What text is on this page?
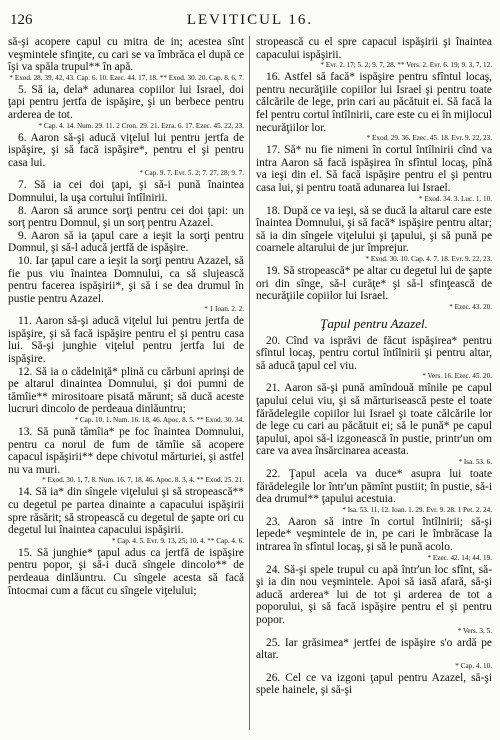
126	LEVITICUL 16.
să-şi acopere capul cu mitra de in; acestea sînt veşmintele sfinţite, cu cari se va îmbrăca el după ce îşi va spăla trupul** în apă.
* Exod. 28. 39, 42, 43. Cap. 6. 10. Ezec. 44. 17, 18. ** Exod. 30. 20. Cap. 8. 6, 7.
5. Să ia, dela* adunarea copiilor lui Israel, doi ţapi pentru jertfa de ispăşire, şi un berbece pentru arderea de tot.
* Cap. 4. 14. Num. 29. 11. 2 Cron. 29. 21. Ezra. 6. 17. Ezec. 45. 22, 23.
6. Aaron să-şi aducă viţelul lui pentru jertfa de ispăşire, şi să facă ispăşire*, pentru el şi pentru casa lui.
* Cap. 9. 7. Evr. 5. 2; 7. 27, 28; 9. 7.
7. Să ia cei doi ţapi, şi să-i pună înaintea Domnului, la uşa cortului întîlnirii.
8. Aaron să arunce sorţi pentru cei doi ţapi: un sorţ pentru Domnul, şi un sorţ pentru Azazel.
9. Aaron să ia ţapul care a ieşit la sorţi pentru Domnul, şi să-l aducă jertfă de ispăşire.
10. Iar ţapul care a ieşit la sorţi pentru Azazel, să fie pus viu înaintea Domnului, ca să slujească pentru facerea ispăşirii*, şi să i se dea drumul în pustie pentru Azazel.
* 1 Ioan. 2. 2.
11. Aaron să-şi aducă viţelul lui pentru jertfa de ispăşire, şi să facă ispăşire pentru el şi pentru casa lui. Să-şi junghie viţelul pentru jertfa lui de ispăşire.
12. Să ia o cădelniţă* plină cu cărbuni aprinşi de pe altarul dinaintea Domnului, şi doi pumni de tămîie** mirositoare pisată mărunt; să ducă aceste lucruri dincolo de perdeaua dinlăuntru;
* Cap. 10. 1. Num. 16. 18, 46. Apoc. 8. 5. ** Exod. 30. 34.
13. Să pună tămîia* pe foc înaintea Domnului, pentru ca norul de fum de tămîie să acopere capacul ispăşirii** depe chivotul mărturiei, şi astfel nu va muri.
* Exod. 30. 1, 7, 8. Num. 16. 7, 18, 46. Apoc. 8. 3, 4. ** Exod. 25. 21.
14. Să ia* din sîngele viţelului şi să stropească** cu degetul pe partea dinainte a capacului ispăşirii spre răsărit; să stropească cu degetul de şapte ori cu degetul lui înaintea capacului ispăşirii.
* Cap. 4. 5. Evr. 9. 13, 25; 10. 4. ** Cap. 4. 6.
15. Să junghie* ţapul adus ca jertfă de ispăşire pentru popor, şi să-i ducă sîngele dincolo** de perdeaua dinlăuntru. Cu sîngele acesta să facă întocmai cum a făcut cu sîngele viţelului;
stropească cu el spre capacul ispăşirii şi înaintea capacului ispăşirii.
* Evr. 2. 17; 5. 2; 9. 7, 28. ** Vers. 2. Evr. 6. 19; 9. 3, 7, 12.
16. Astfel să facă* ispăşire pentru sfîntul locaş, pentru necurăţiile copiilor lui Israel şi pentru toate călcările de lege, prin cari au păcătuit ei. Să facă la fel pentru cortul întîlnirii, care este cu ei în mijlocul necurăţiilor lor.
* Exod. 29. 36. Ezec. 45. 18. Evr. 9. 22, 23.
17. Să* nu fie nimeni în cortul întîlnirii cînd va intra Aaron să facă ispăşirea în sfîntul locaş, pînă va ieşi din el. Să facă ispăşire pentru el şi pentru casa lui, şi pentru toată adunarea lui Israel.
* Exod. 34. 3. Luc. 1. 10.
18. După ce va ieşi, să se ducă la altarul care este înaintea Domnului, şi să facă* ispăşire pentru altar; să ia din sîngele viţelului şi ţapului, şi să pună pe coarnele altarului de jur împrejur.
* Exod. 30. 10. Cap. 4. 7, 18. Evr. 9. 22, 23.
19. Să stropească* pe altar cu degetul lui de şapte ori din sînge, să-l curăţe* şi să-l sfinţească de necurăţiile copiilor lui Israel.
* Ezec. 43. 20.
Ţapul pentru Azazel.
20. Cînd va isprăvi de făcut ispăşirea* pentru sfîntul locaş, pentru cortul întîlnirii şi pentru altar, să aducă ţapul cel viu.
* Vers. 16. Ezec. 45. 20.
21. Aaron să-şi pună amîndouă mînile pe capul ţapului celui viu, şi să mărturisească peste el toate fărădelegile copiilor lui Israel şi toate călcările lor de lege cu cari au păcătuit ei; să le pună* pe capul ţapului, apoi să-l izgonească în pustie, printr'un om care va avea însărcinarea aceasta.
* Isa. 53. 6.
22. Ţapul acela va duce* asupra lui toate fărădelegile lor într'un pămînt pustiit; în pustie, să-i dea drumul** ţapului acestuia.
* Isa. 53. 11, 12. Ioan. 1. 29. Evr. 9. 28. 1 Pet. 2. 24.
23. Aaron să intre în cortul întîlnirii; să-şi lepede* veşmintele de in, pe cari le îmbrăcase la intrarea în sfîntul locaş, şi să le pună acolo.
* Ezec. 42. 14; 44. 19.
24. Să-şi spele trupul cu apă într'un loc sfînt, să-şi ia din nou veşmintele. Apoi să iasă afară, să-şi aducă arderea* lui de tot şi arderea de tot a poporului, şi să facă ispăşire pentru el şi pentru popor.
* Vers. 3, 5.
25. Iar grăsimea* jertfei de ispăşire s'o ardă pe altar.
* Cap. 4. 10.
26. Cel ce va izgoni ţapul pentru Azazel, să-şi spele hainele, şi să-şi
